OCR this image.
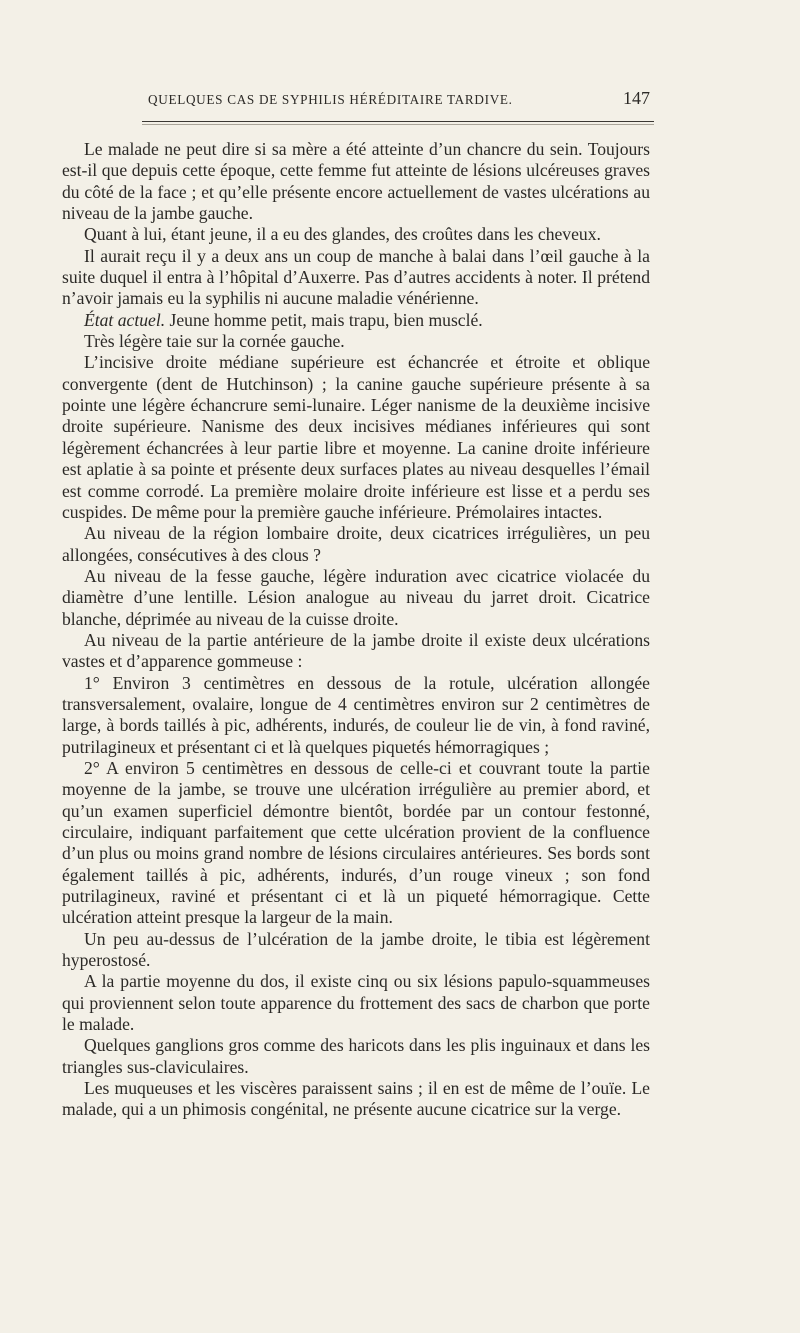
QUELQUES CAS DE SYPHILIS HÉRÉDITAIRE TARDIVE.	147

Le malade ne peut dire si sa mère a été atteinte d’un chancre du sein. Toujours est-il que depuis cette époque, cette femme fut atteinte de lésions ulcéreuses graves du côté de la face ; et qu’elle présente encore actuellement de vastes ulcérations au niveau de la jambe gauche.

Quant à lui, étant jeune, il a eu des glandes, des croûtes dans les cheveux.

Il aurait reçu il y a deux ans un coup de manche à balai dans l’œil gauche à la suite duquel il entra à l’hôpital d’Auxerre. Pas d’autres accidents à noter. Il prétend n’avoir jamais eu la syphilis ni aucune maladie vénérienne.

État actuel. Jeune homme petit, mais trapu, bien musclé.

Très légère taie sur la cornée gauche.

L’incisive droite médiane supérieure est échancrée et étroite et oblique convergente (dent de Hutchinson) ; la canine gauche supérieure présente à sa pointe une légère échancrure semi-lunaire. Léger nanisme de la deuxième incisive droite supérieure. Nanisme des deux incisives médianes inférieures qui sont légèrement échancrées à leur partie libre et moyenne. La canine droite inférieure est aplatie à sa pointe et présente deux surfaces plates au niveau desquelles l’émail est comme corrodé. La première molaire droite inférieure est lisse et a perdu ses cuspides. De même pour la première gauche inférieure. Prémolaires intactes.

Au niveau de la région lombaire droite, deux cicatrices irrégulières, un peu allongées, consécutives à des clous ?

Au niveau de la fesse gauche, légère induration avec cicatrice violacée du diamètre d’une lentille. Lésion analogue au niveau du jarret droit. Cicatrice blanche, déprimée au niveau de la cuisse droite.

Au niveau de la partie antérieure de la jambe droite il existe deux ulcérations vastes et d’apparence gommeuse :

1° Environ 3 centimètres en dessous de la rotule, ulcération allongée transversalement, ovalaire, longue de 4 centimètres environ sur 2 centimètres de large, à bords taillés à pic, adhérents, indurés, de couleur lie de vin, à fond raviné, putrilagineux et présentant ci et là quelques piquetés hémorragiques ;

2° A environ 5 centimètres en dessous de celle-ci et couvrant toute la partie moyenne de la jambe, se trouve une ulcération irrégulière au premier abord, et qu’un examen superficiel démontre bientôt, bordée par un contour festonné, circulaire, indiquant parfaitement que cette ulcération provient de la confluence d’un plus ou moins grand nombre de lésions circulaires antérieures. Ses bords sont également taillés à pic, adhérents, indurés, d’un rouge vineux ; son fond putrilagineux, raviné et présentant ci et là un piqueté hémorragique. Cette ulcération atteint presque la largeur de la main.

Un peu au-dessus de l’ulcération de la jambe droite, le tibia est légèrement hyperostosé.

A la partie moyenne du dos, il existe cinq ou six lésions papulo-squammeuses qui proviennent selon toute apparence du frottement des sacs de charbon que porte le malade.

Quelques ganglions gros comme des haricots dans les plis inguinaux et dans les triangles sus-claviculaires.

Les muqueuses et les viscères paraissent sains ; il en est de même de l’ouïe. Le malade, qui a un phimosis congénital, ne présente aucune cicatrice sur la verge.
